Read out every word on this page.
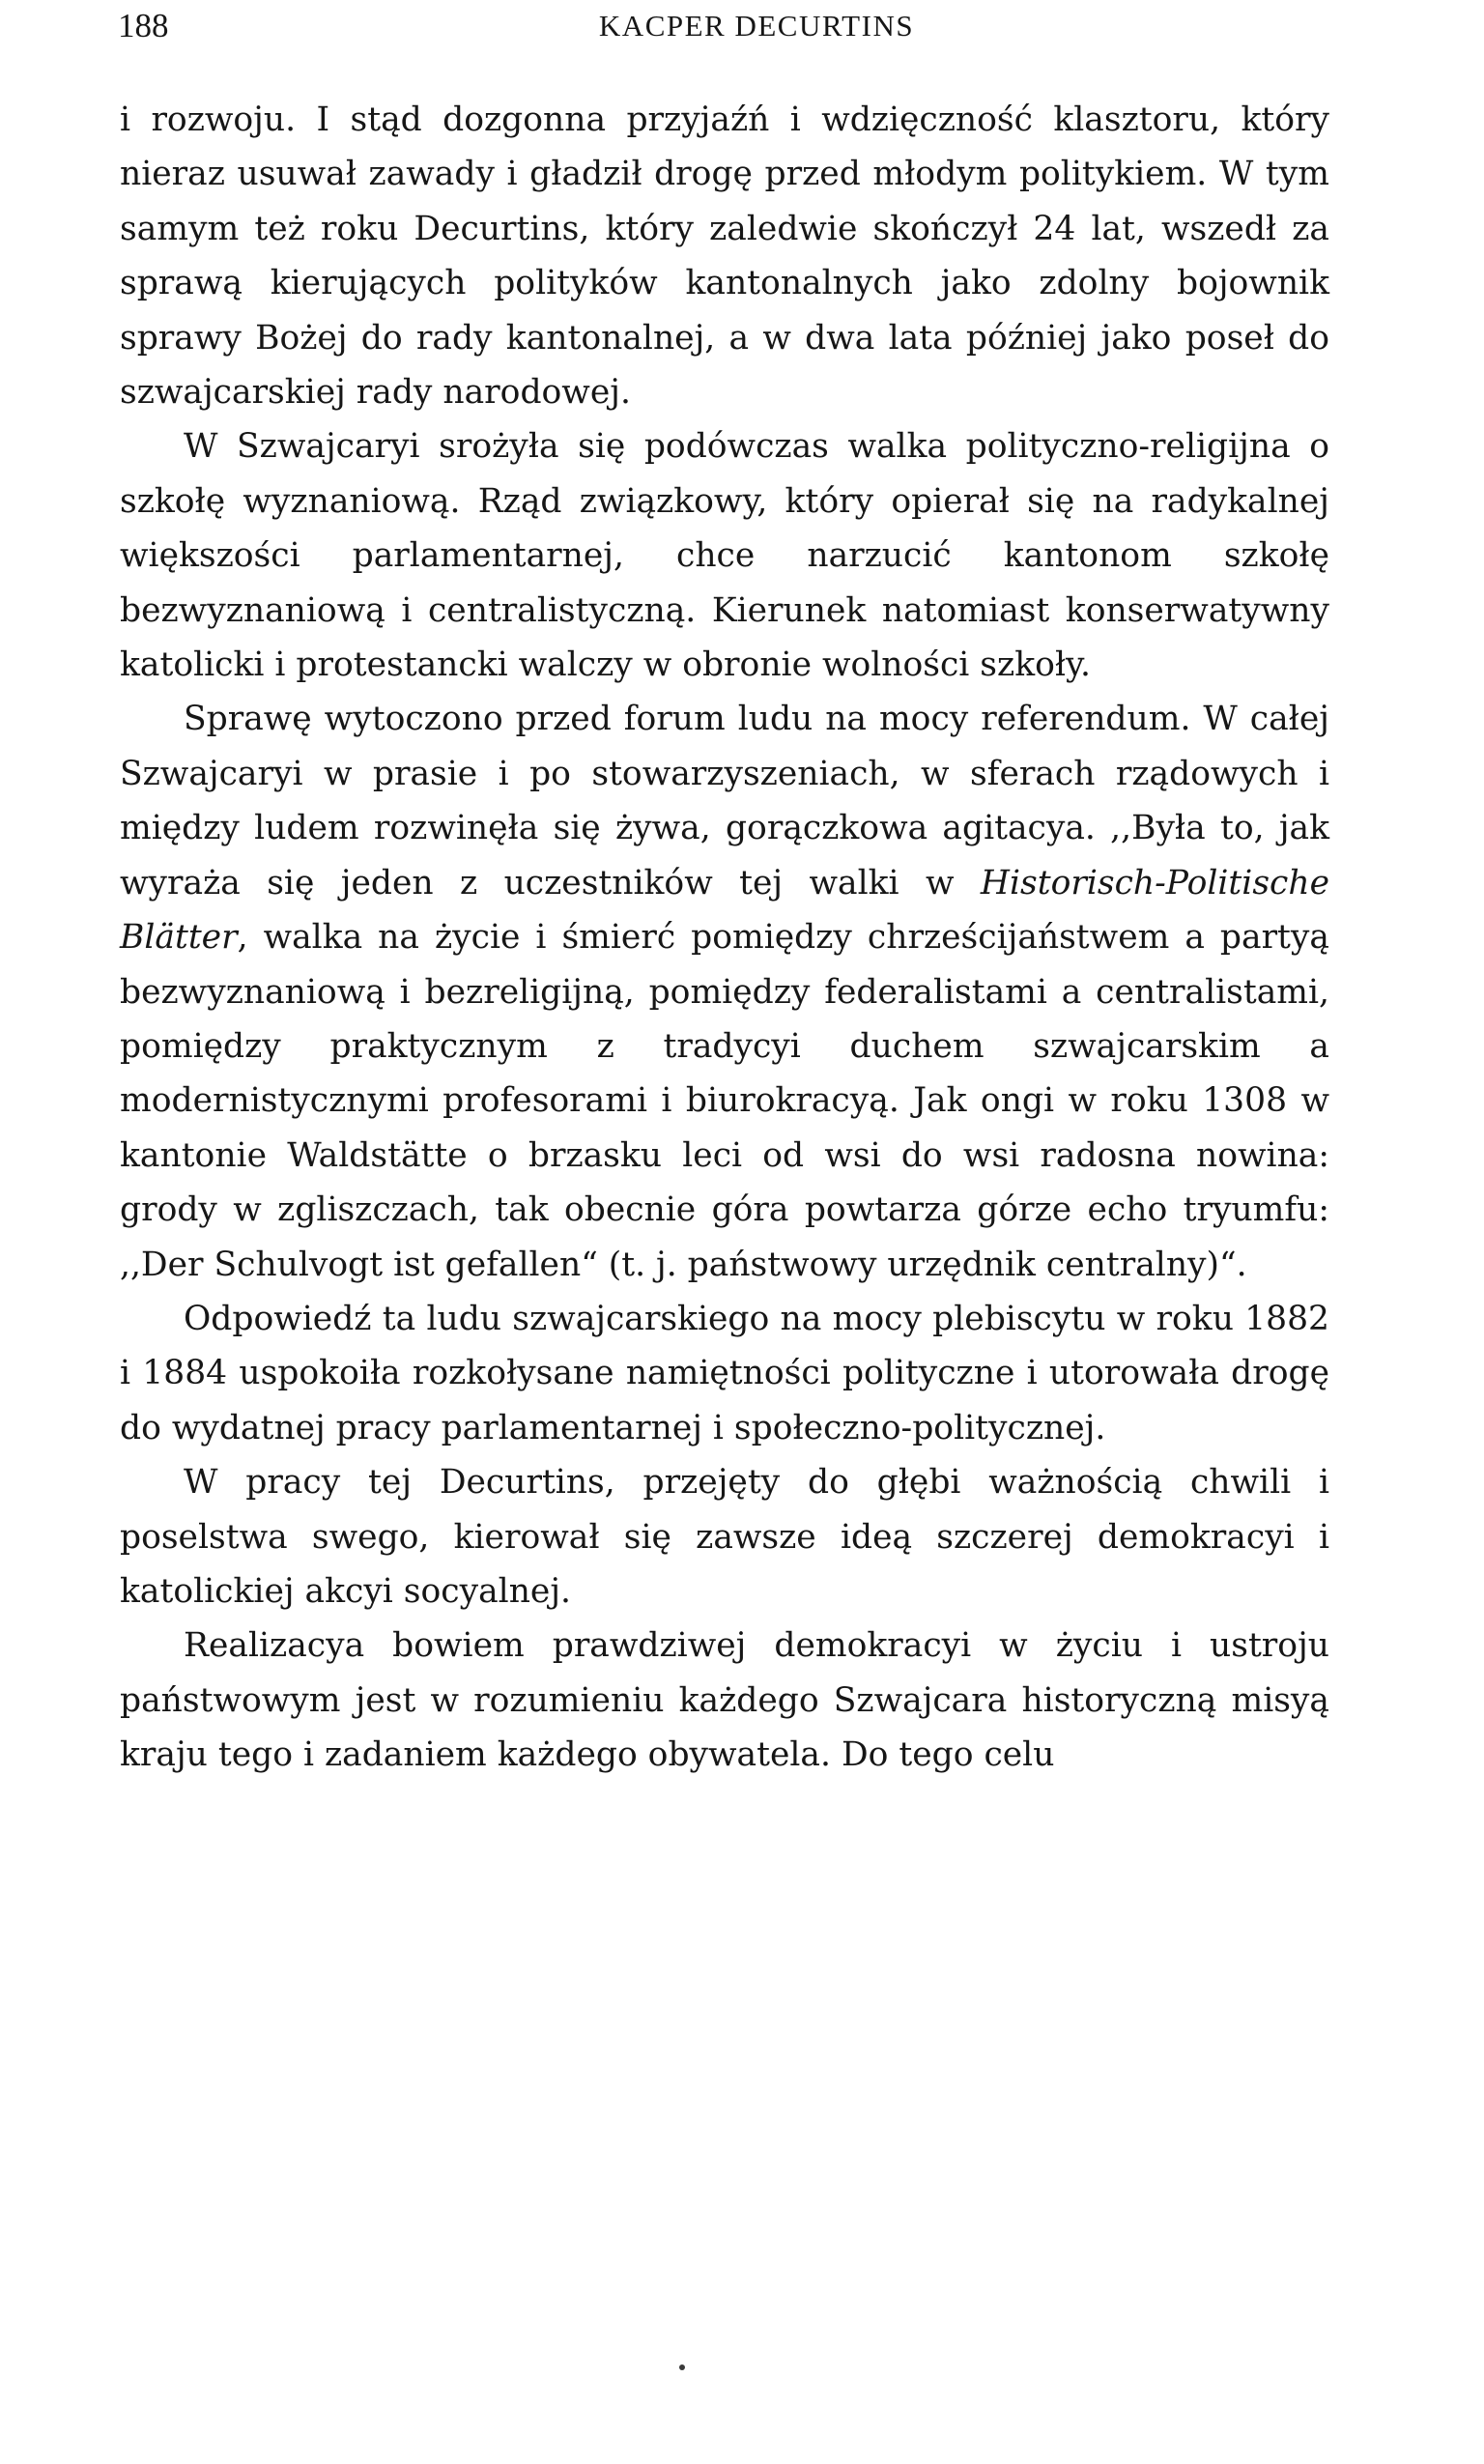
188	KACPER DECURTINS

i rozwoju. I stąd dozgonna przyjaźń i wdzięczność klasztoru, który nieraz usuwał zawady i gładził drogę przed młodym politykiem. W tym samym też roku Decurtins, który zaledwie skończył 24 lat, wszedł za sprawą kierujących polityków kantonalnych jako zdolny bojownik sprawy Bożej do rady kantonalnej, a w dwa lata później jako poseł do szwajcarskiej rady narodowej.

W Szwajcaryi srożyła się podówczas walka polityczno-religijna o szkołę wyznaniową. Rząd związkowy, który opierał się na radykalnej większości parlamentarnej, chce narzucić kantonom szkołę bezwyznaniową i centralistyczną. Kierunek natomiast konserwatywny katolicki i protestancki walczy w obronie wolności szkoły.

Sprawę wytoczono przed forum ludu na mocy referendum. W całej Szwajcaryi w prasie i po stowarzyszeniach, w sferach rządowych i między ludem rozwinęła się żywa, gorączkowa agitacya. ,,Była to, jak wyraża się jeden z uczestników tej walki w Historisch-Politische Blätter, walka na życie i śmierć pomiędzy chrześcijaństwem a partyą bezwyznaniową i bezreligijną, pomiędzy federalistami a centralistami, pomiędzy praktycznym z tradycyi duchem szwajcarskim a modernistycznymi profesorami i biurokracyą. Jak ongi w roku 1308 w kantonie Waldstätte o brzasku leci od wsi do wsi radosna nowina: grody w zgliszczach, tak obecnie góra powtarza górze echo tryumfu: ,,Der Schulvogt ist gefallen“ (t. j. państwowy urzędnik centralny)“.

Odpowiedź ta ludu szwajcarskiego na mocy plebiscytu w roku 1882 i 1884 uspokoiła rozkołysane namiętności polityczne i utorowała drogę do wydatnej pracy parlamentarnej i społeczno-politycznej.

W pracy tej Decurtins, przejęty do głębi ważnością chwili i poselstwa swego, kierował się zawsze ideą szczerej demokracyi i katolickiej akcyi socyalnej.

Realizacya bowiem prawdziwej demokracyi w życiu i ustroju państwowym jest w rozumieniu każdego Szwajcara historyczną misyą kraju tego i zadaniem każdego obywatela. Do tego celu
